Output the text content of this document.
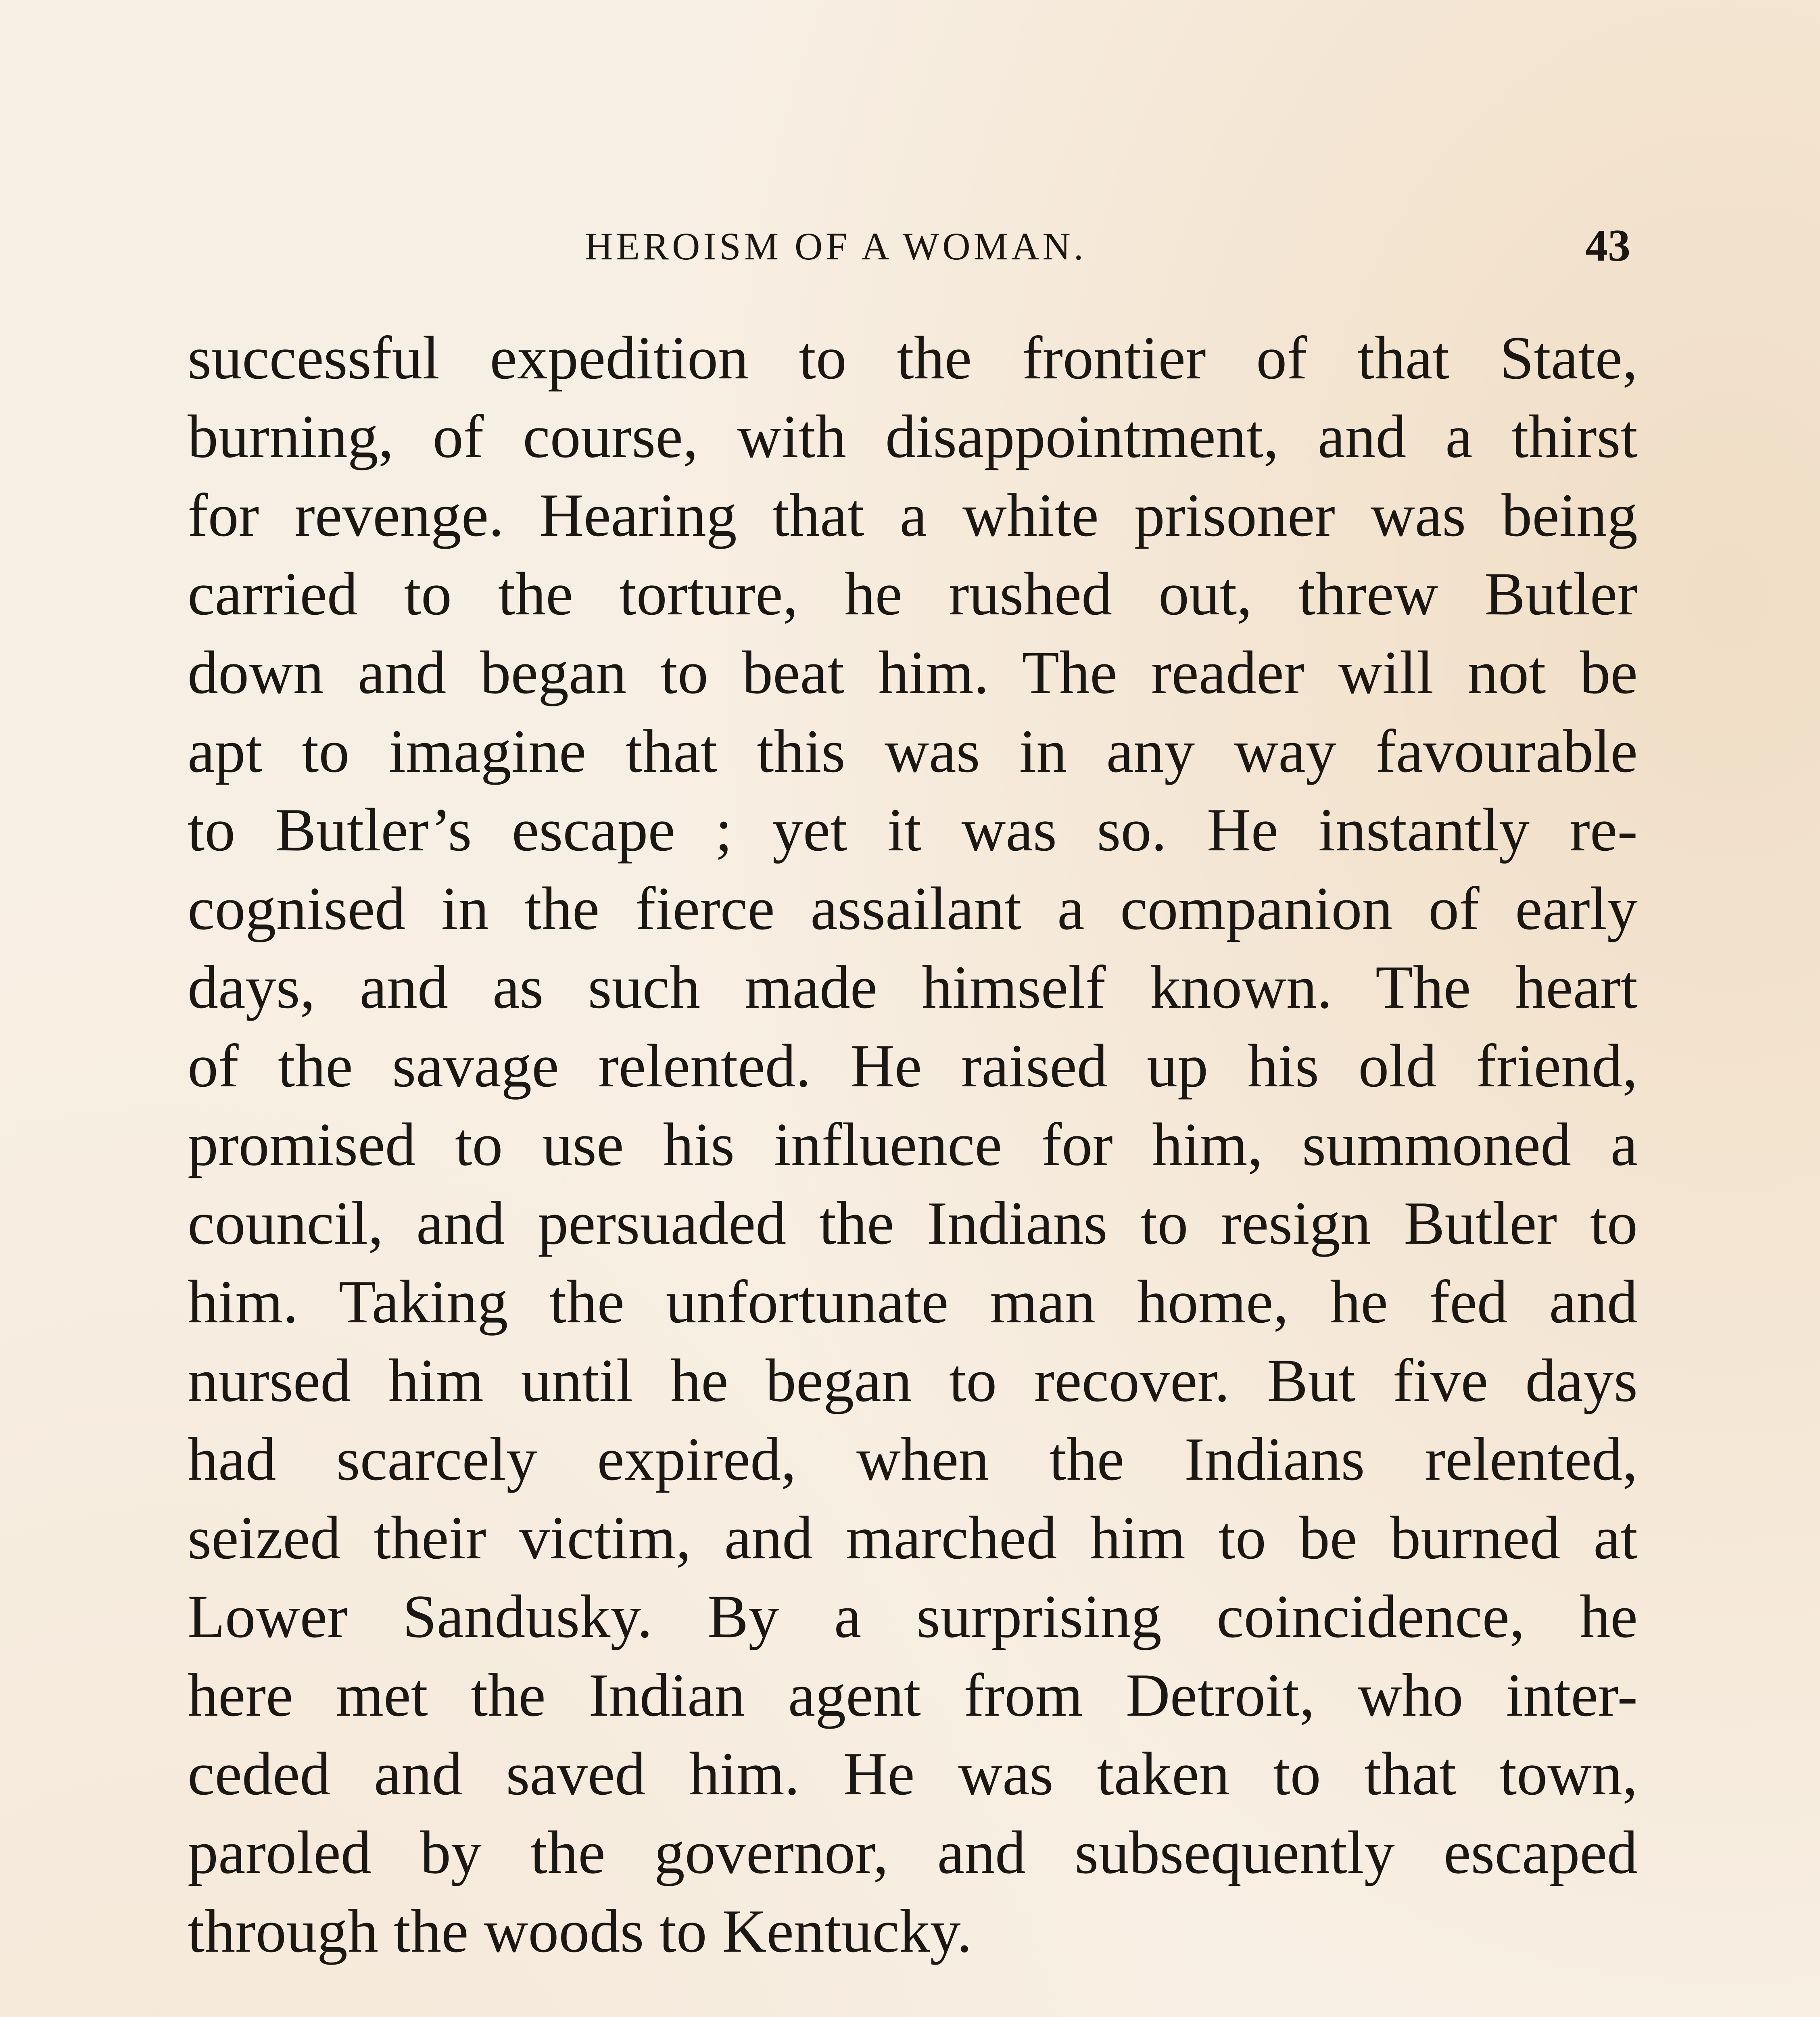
HEROISM OF A WOMAN.	43
successful expedition to the frontier of that State,
burning, of course, with disappointment, and a thirst
for revenge. Hearing that a white prisoner was being
carried to the torture, he rushed out, threw Butler
down and began to beat him. The reader will not be
apt to imagine that this was in any way favourable
to Butler’s escape ; yet it was so. He instantly re-
cognised in the fierce assailant a companion of early
days, and as such made himself known. The heart
of the savage relented. He raised up his old friend,
promised to use his influence for him, summoned a
council, and persuaded the Indians to resign Butler to
him. Taking the unfortunate man home, he fed and
nursed him until he began to recover. But five days
had scarcely expired, when the Indians relented,
seized their victim, and marched him to be burned at
Lower Sandusky. By a surprising coincidence, he
here met the Indian agent from Detroit, who inter-
ceded and saved him. He was taken to that town,
paroled by the governor, and subsequently escaped
through the woods to Kentucky.
